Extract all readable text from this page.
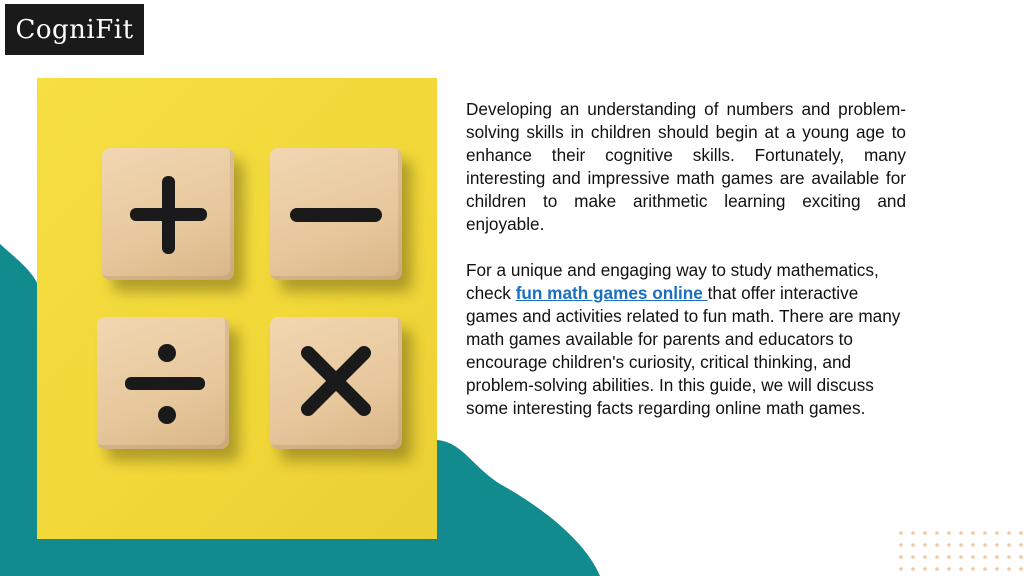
CogniFit

Developing an understanding of numbers and problem-solving skills in children should begin at a young age to enhance their cognitive skills. Fortunately, many interesting and impressive math games are available for children to make arithmetic learning exciting and enjoyable.

For a unique and engaging way to study mathematics, check fun math games online that offer interactive games and activities related to fun math. There are many math games available for parents and educators to encourage children's curiosity, critical thinking, and problem-solving abilities. In this guide, we will discuss some interesting facts regarding online math games.
